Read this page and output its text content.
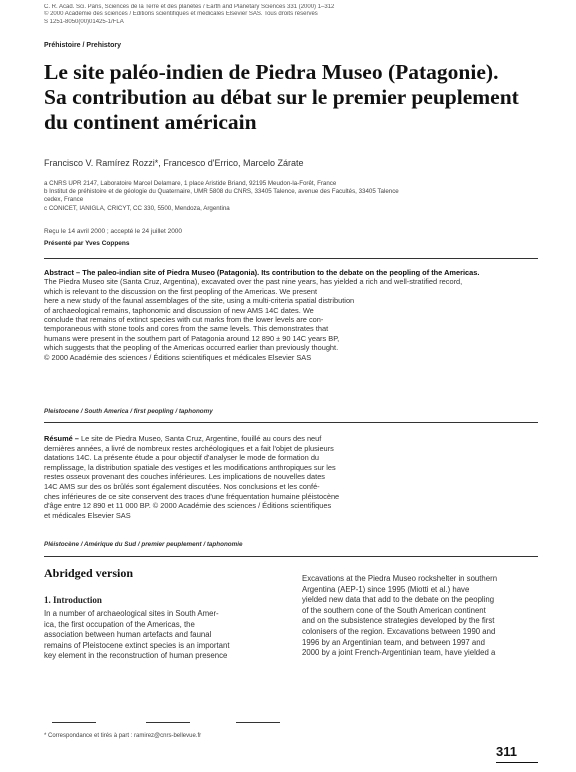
C. R. Acad. Sci. Paris, Sciences de la Terre et des planètes / Earth and Planetary Sciences 331 (2000) 1–312
© 2000 Académie des sciences / Éditions scientifiques et médicales Elsevier SAS. Tous droits réservés
S 1251-8050(00)01425-1/FLA
Préhistoire / Prehistory
Le site paléo-indien de Piedra Museo (Patagonie).
Sa contribution au débat sur le premier peuplement
du continent américain
Francisco V. Ramírez Rozzi*, Francesco d'Errico, Marcelo Zárate
a CNRS UPR 2147, Laboratoire Marcel Delamare, 1 place Aristide Briand, 92195 Meudon-la-Forêt, France
b Institut de préhistoire et de géologie du Quaternaire, UMR 5808 du CNRS, 33405 Talence, avenue des Facultés, 33405 Talence
cedex, France
c CONICET, IANIGLA, CRICYT, CC 330, 5500, Mendoza, Argentina
Reçu le 14 avril 2000 ; accepté le 24 juillet 2000
Présenté par Yves Coppens
Abstract – The paleo-indian site of Piedra Museo (Patagonia). Its contribution to the debate on the peopling of the Americas.
The Piedra Museo site (Santa Cruz, Argentina), excavated over the past nine years, has yielded a rich and well-stratified record,
which is relevant to the discussion on the first peopling of the Americas. We present
here a new study of the faunal assemblages of the site, using a multi-criteria spatial distribution
of archaeological remains, taphonomic and discussion of new AMS 14C dates. We
conclude that remains of extinct species with cut marks from the lower levels are con-
temporaneous with stone tools and cores from the same levels. This demonstrates that
humans were present in the southern part of Patagonia around 12 890 ± 90 14C years BP,
which suggests that the peopling of the Americas occurred earlier than previously thought.
© 2000 Académie des sciences / Éditions scientifiques et médicales Elsevier SAS
Pleistocene / South America / first peopling / taphonomy
Résumé – Le site de Piedra Museo, Santa Cruz, Argentine, fouillé au cours des neuf
dernières années, a livré de nombreux restes archéologiques et a fait l'objet de plusieurs
datations 14C. La présente étude a pour objectif d'analyser le mode de formation du
remplissage, la distribution spatiale des vestiges et les modifications anthropiques sur les
restes osseux provenant des couches inférieures. Les implications de nouvelles dates
14C AMS sur des os brûlés sont également discutées. Nos conclusions et les confé-
ches inférieures de ce site conservent des traces d'une fréquentation humaine pléistocène
d'âge entre 12 890 et 11 000 BP. © 2000 Académie des sciences / Éditions scientifiques
et médicales Elsevier SAS
Pléistocène / Amérique du Sud / premier peuplement / taphonomie
Abridged version
1. Introduction
In a number of archaeological sites in South Amer-
ica, the first occupation of the Americas, the
association between human artefacts and faunal
remains of Pleistocene extinct species is an important
key element in the reconstruction of human presence
Excavations at the Piedra Museo rockshelter in southern
Argentina (AEP-1) since 1995 (Miotti et al.) have
yielded new data that add to the debate on the peopling
of the southern cone of the South American continent
and on the subsistence strategies developed by the first
colonisers of the region. Excavations between 1990 and
1996 by an Argentinian team, and between 1997 and
2000 by a joint French-Argentinian team, have yielded a
* Correspondance et tirés à part : ramirez@cnrs-bellevue.fr
311
